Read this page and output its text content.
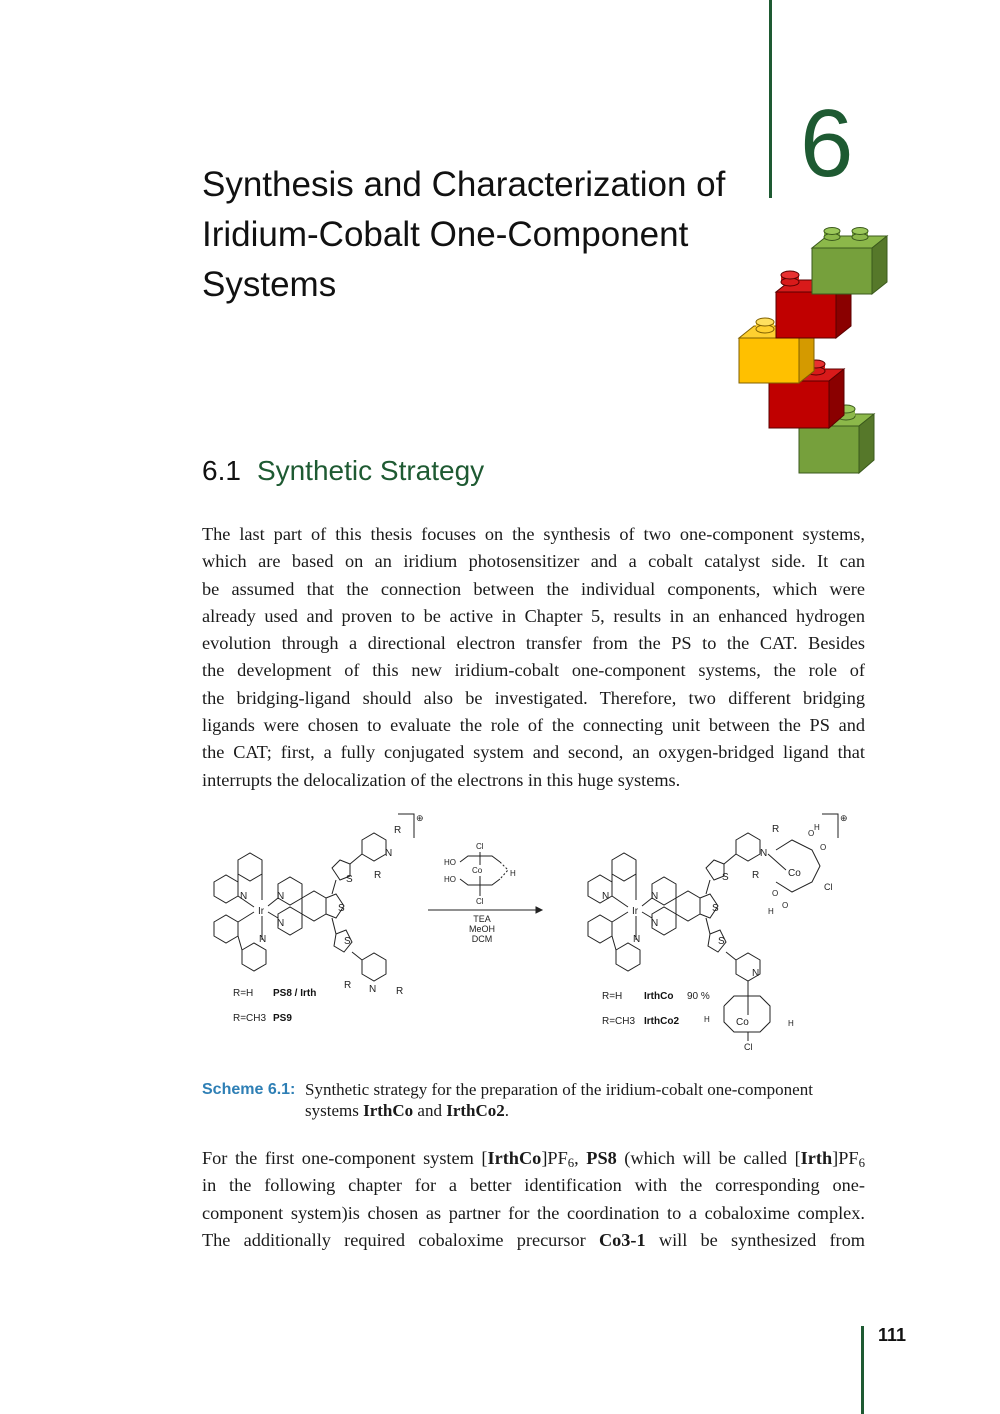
6
Synthesis and Characterization of
Iridium-Cobalt One-Component
Systems
6.1 Synthetic Strategy
The last part of this thesis focuses on the synthesis of two one-component systems,
which are based on an iridium photosensitizer and a cobalt catalyst side. It can
be assumed that the connection between the individual components, which were
already used and proven to be active in Chapter 5, results in an enhanced hydrogen
evolution through a directional electron transfer from the PS to the CAT. Besides
the development of this new iridium-cobalt one-component systems, the role of
the bridging-ligand should also be investigated. Therefore, two different bridging
ligands were chosen to evaluate the role of the connecting unit between the PS and
the CAT; first, a fully conjugated system and second, an oxygen-bridged ligand that
interrupts the delocalization of the electrons in this huge systems.
Ir
N
N
N
N
S
S
N
R
R
S
N
R
R
⊕
R=H PS8 / Irth
R=CH3 PS9
Cl
Co
Cl
HO
HO
H
TEA
MeOH
DCM
Ir
N
N
N
N
S
S
N
R
R	Co
O
H
O
Cl
O
H
O
S
N
Co
Cl
H	H
⊕
R=H IrthCo 90 %
R=CH3 IrthCo2
Scheme 6.1: Synthetic strategy for the preparation of the iridium-cobalt one-component
systems IrthCo and IrthCo2.
For the first one-component system $[IrthCo]PF_6$, PS8 (which will be called $[Irth]PF_6$
in the following chapter for a better identification with the corresponding one-
component system)is chosen as partner for the coordination to a cobaloxime complex.
The additionally required cobaloxime precursor Co3-1 will be synthesized from
111
